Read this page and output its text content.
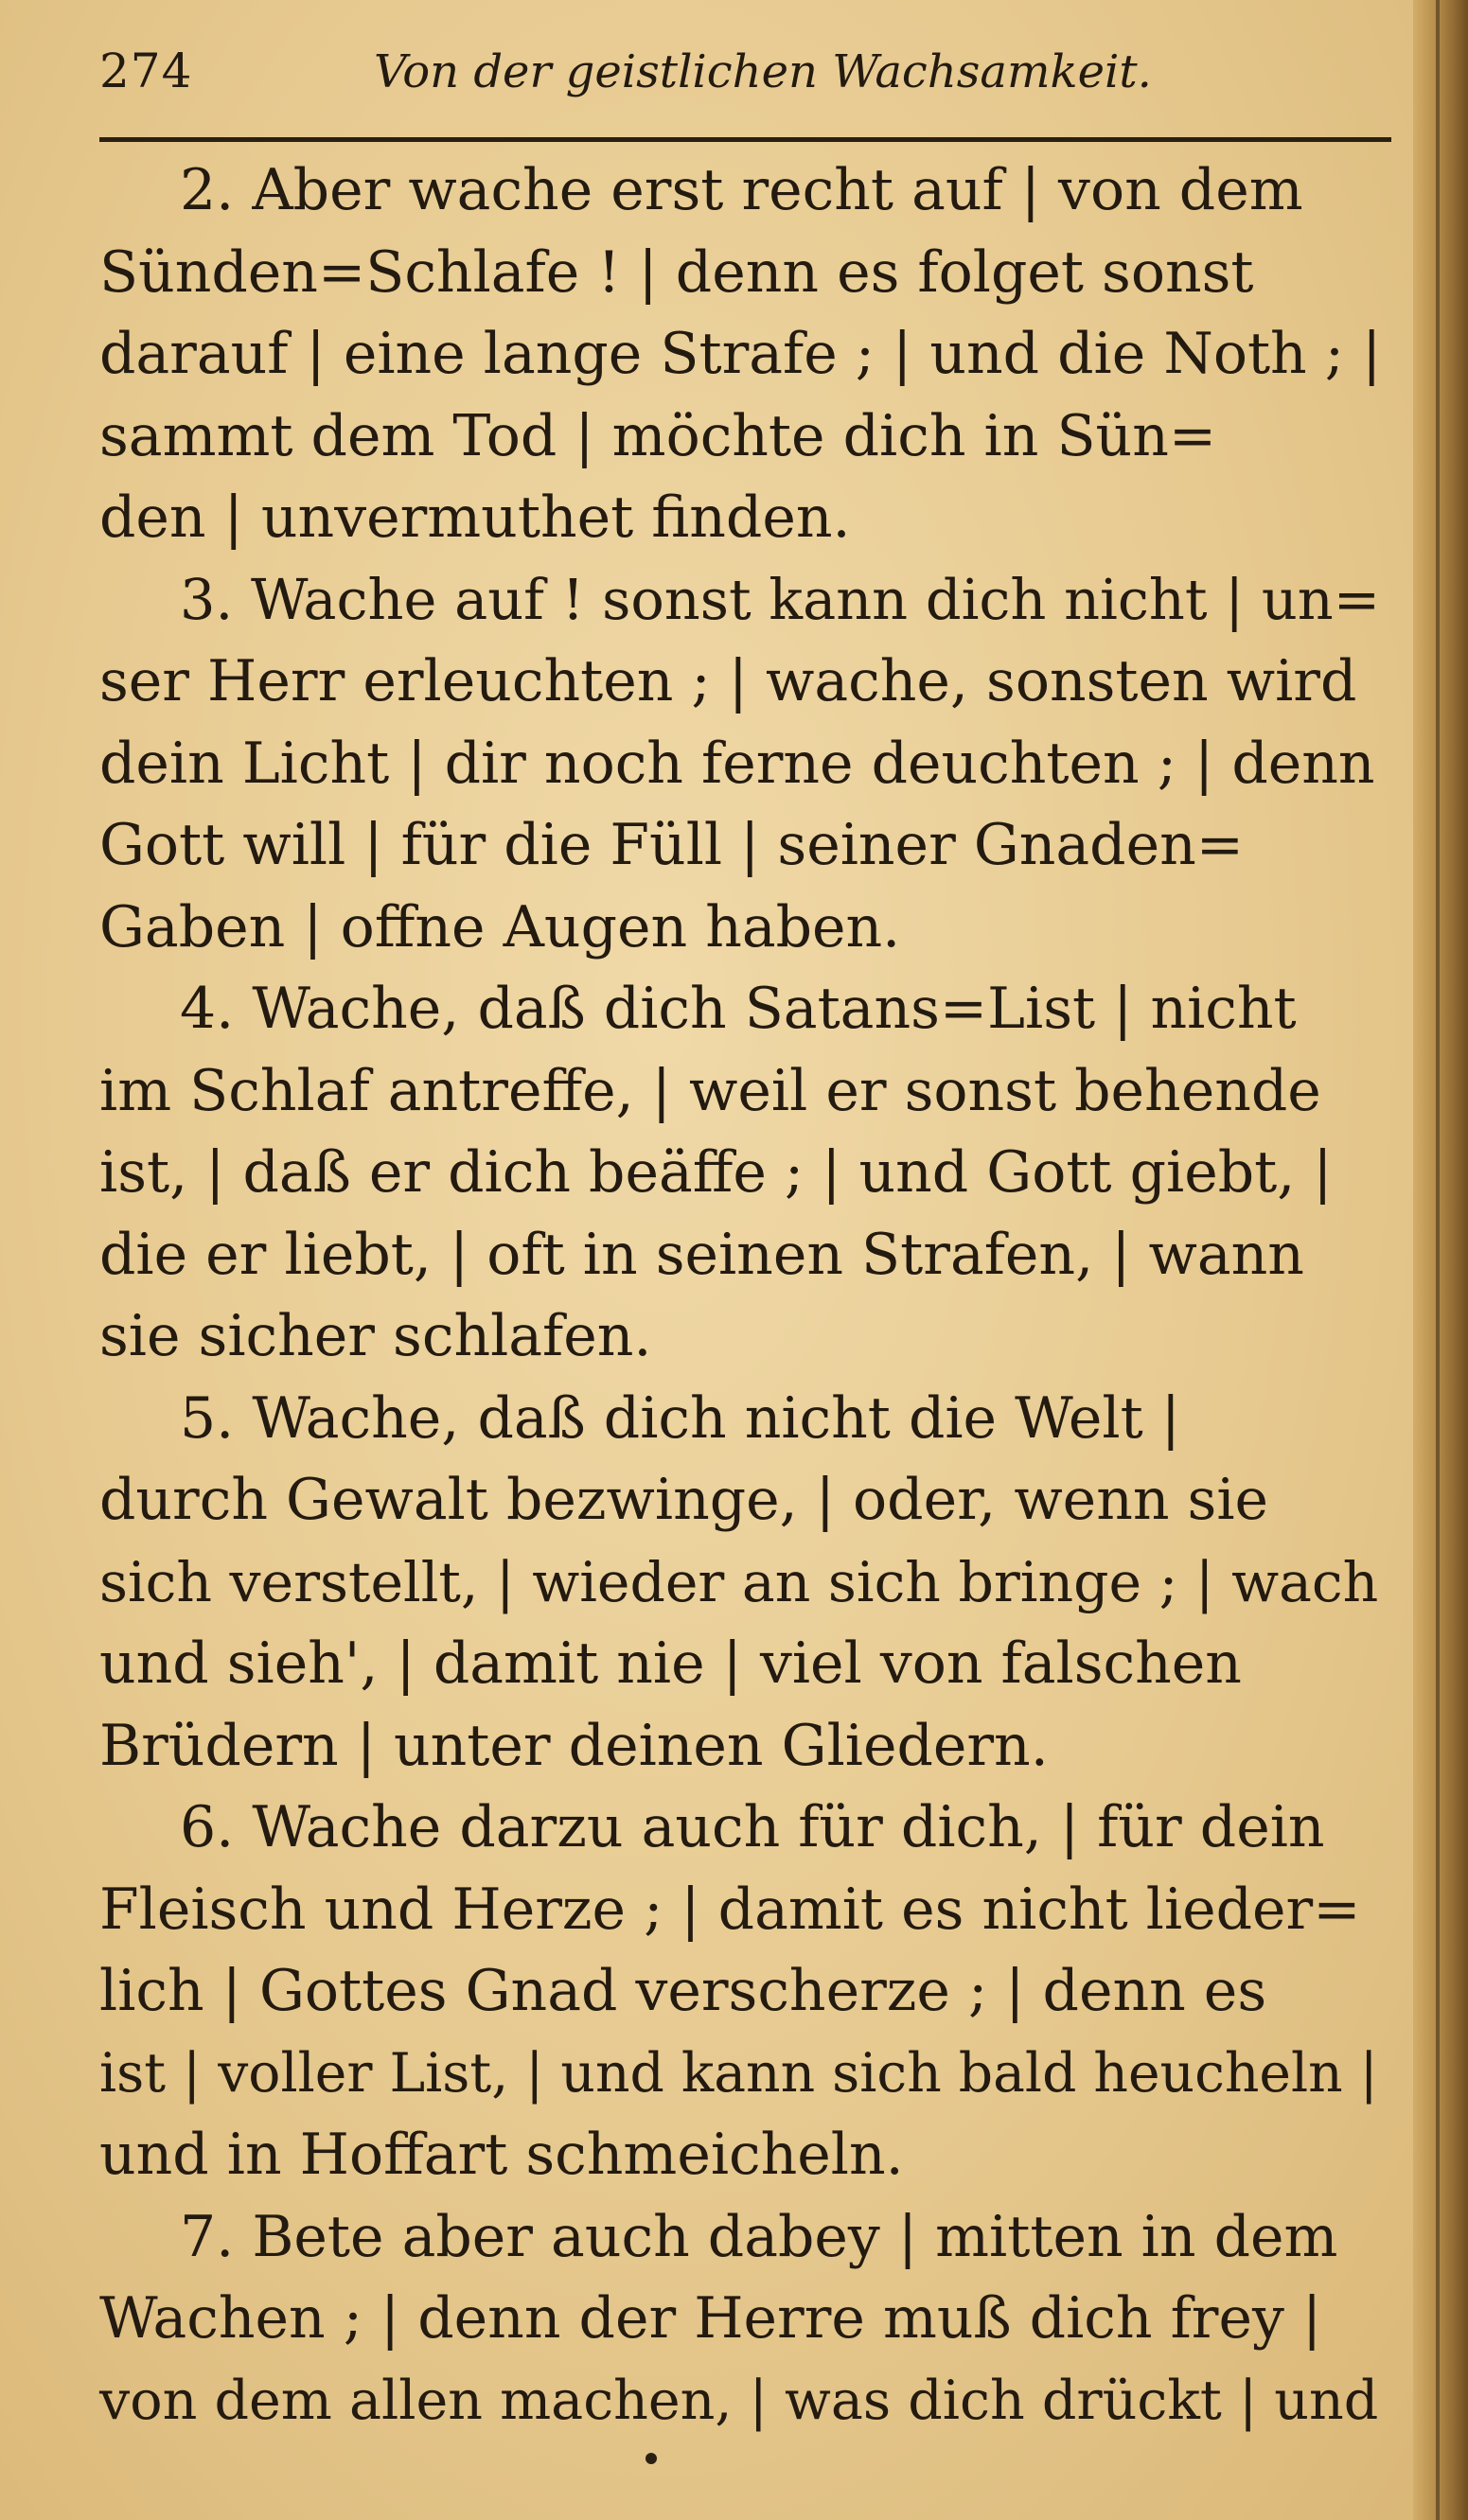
274	Von der geistlichen Wachsamkeit.
2. Aber wache erst recht auf | von dem
Sünden=Schlafe ! | denn es folget sonst
darauf | eine lange Strafe ; | und die Noth ; |
sammt dem Tod | möchte dich in Sün=
den | unvermuthet finden.
3. Wache auf ! sonst kann dich nicht | un=
ser Herr erleuchten ; | wache, sonsten wird
dein Licht | dir noch ferne deuchten ; | denn
Gott will | für die Füll | seiner Gnaden=
Gaben | offne Augen haben.
4. Wache, daß dich Satans=List | nicht
im Schlaf antreffe, | weil er sonst behende
ist, | daß er dich beäffe ; | und Gott giebt, |
die er liebt, | oft in seinen Strafen, | wann
sie sicher schlafen.
5. Wache, daß dich nicht die Welt |
durch Gewalt bezwinge, | oder, wenn sie
sich verstellt, | wieder an sich bringe ; | wach
und sieh', | damit nie | viel von falschen
Brüdern | unter deinen Gliedern.
6. Wache darzu auch für dich, | für dein
Fleisch und Herze ; | damit es nicht lieder=
lich | Gottes Gnad verscherze ; | denn es
ist | voller List, | und kann sich bald heucheln |
und in Hoffart schmeicheln.
7. Bete aber auch dabey | mitten in dem
Wachen ; | denn der Herre muß dich frey |
von dem allen machen, | was dich drückt | und
